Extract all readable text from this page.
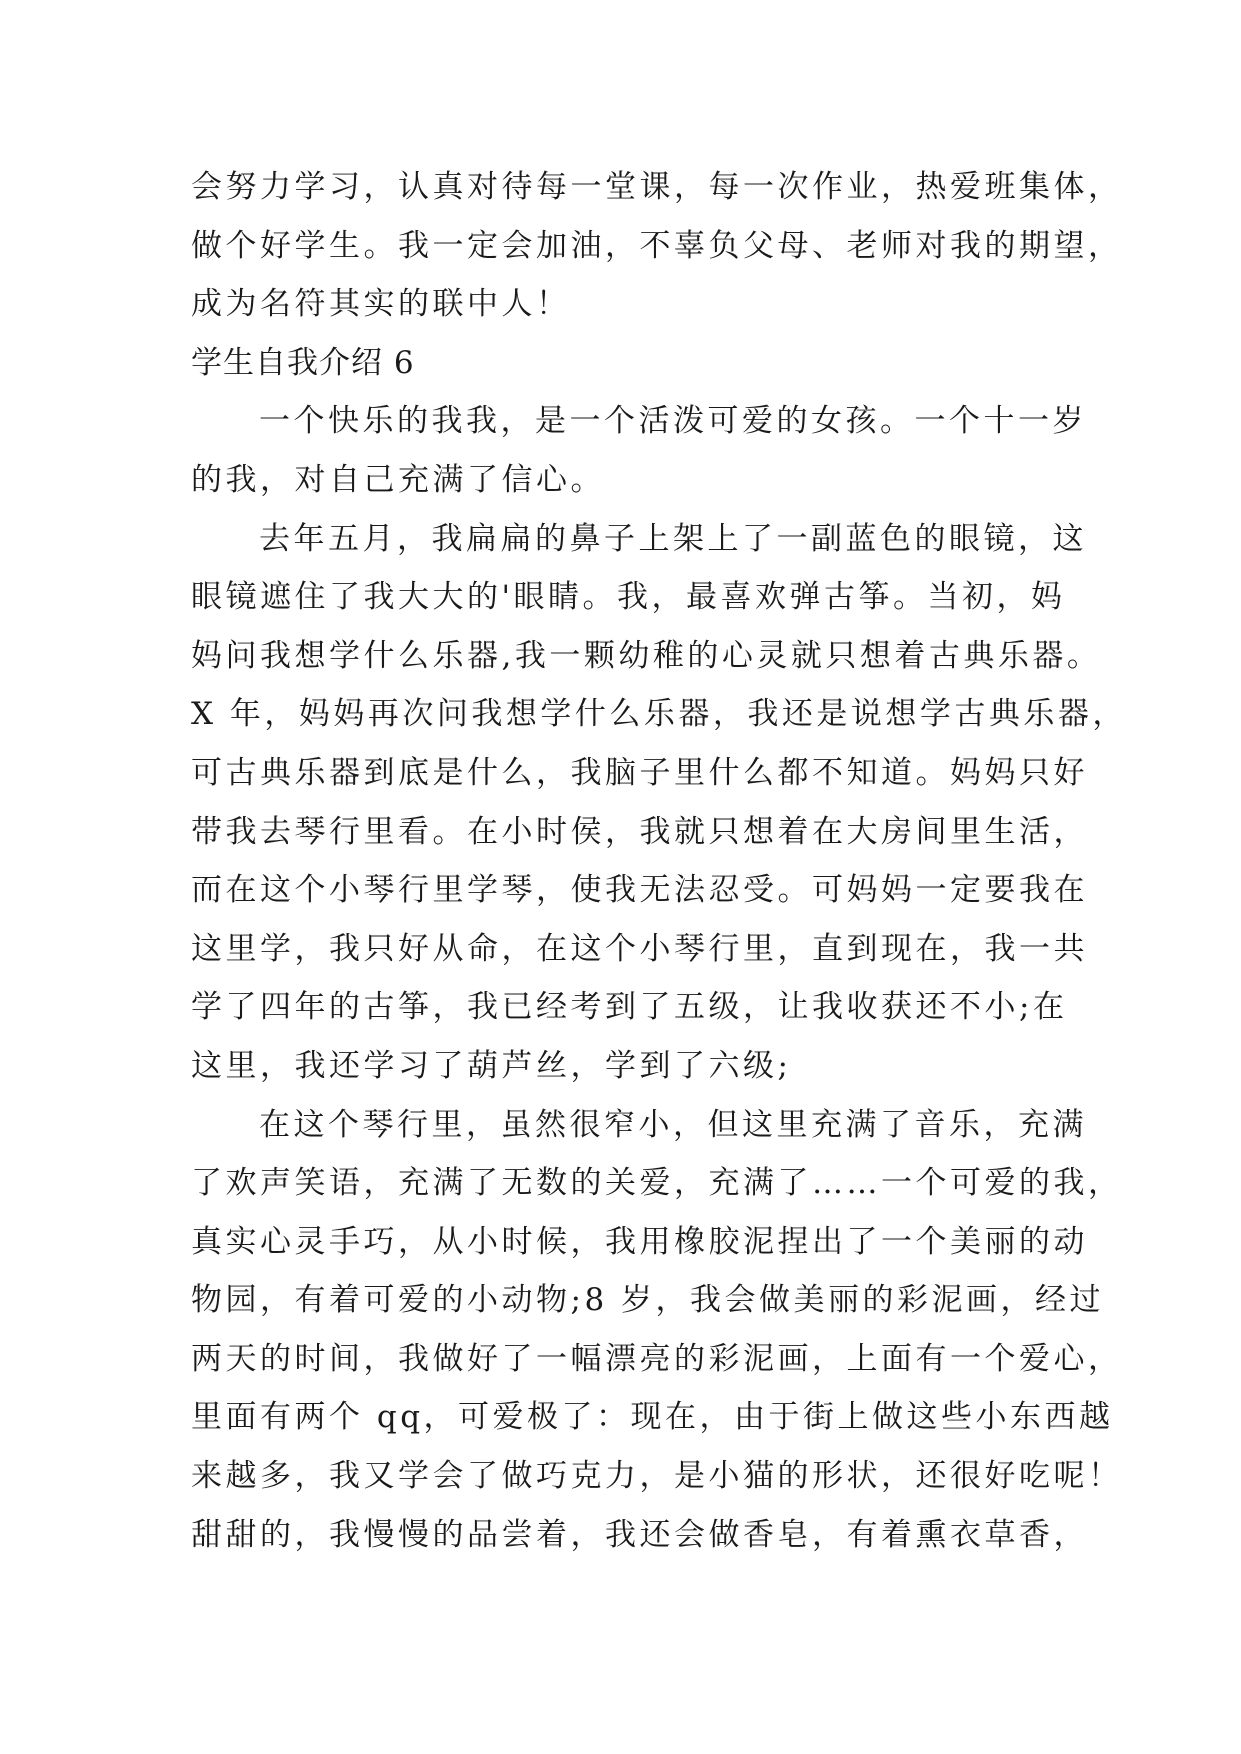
会努力学习，认真对待每一堂课，每一次作业，热爱班集体，
做个好学生。我一定会加油，不辜负父母、老师对我的期望，
成为名符其实的联中人！
学生自我介绍 6
一个快乐的我我，是一个活泼可爱的女孩。一个十一岁
的我，对自己充满了信心。
去年五月，我扁扁的鼻子上架上了一副蓝色的眼镜，这
眼镜遮住了我大大的'眼睛。我，最喜欢弹古筝。当初，妈
妈问我想学什么乐器,我一颗幼稚的心灵就只想着古典乐器。
X 年，妈妈再次问我想学什么乐器，我还是说想学古典乐器，
可古典乐器到底是什么，我脑子里什么都不知道。妈妈只好
带我去琴行里看。在小时侯，我就只想着在大房间里生活，
而在这个小琴行里学琴，使我无法忍受。可妈妈一定要我在
这里学，我只好从命，在这个小琴行里，直到现在，我一共
学了四年的古筝，我已经考到了五级，让我收获还不小;在
这里，我还学习了葫芦丝，学到了六级;
在这个琴行里，虽然很窄小，但这里充满了音乐，充满
了欢声笑语，充满了无数的关爱，充满了……一个可爱的我，
真实心灵手巧，从小时候，我用橡胶泥捏出了一个美丽的动
物园，有着可爱的小动物;8 岁，我会做美丽的彩泥画，经过
两天的时间，我做好了一幅漂亮的彩泥画，上面有一个爱心，
里面有两个 qq，可爱极了：现在，由于街上做这些小东西越
来越多，我又学会了做巧克力，是小猫的形状，还很好吃呢！
甜甜的，我慢慢的品尝着，我还会做香皂，有着熏衣草香，
